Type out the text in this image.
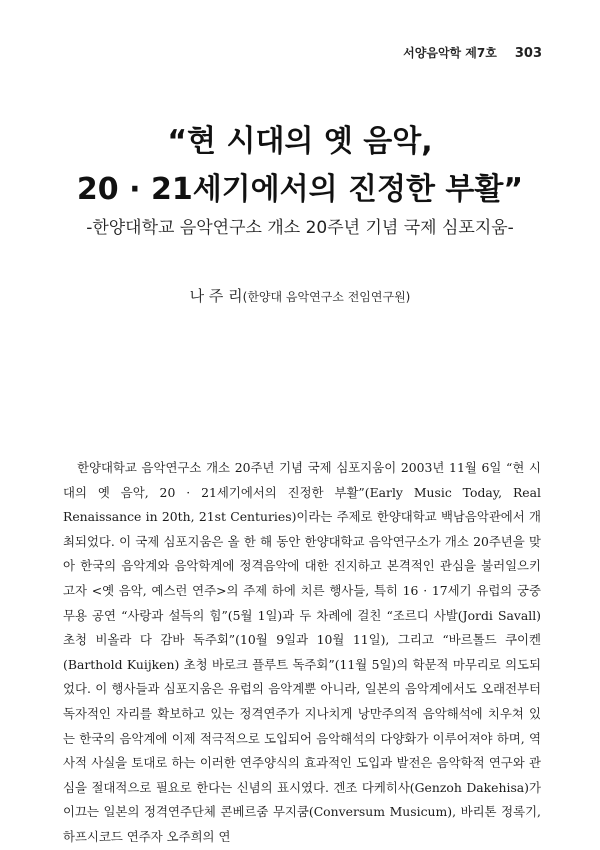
서양음악학 제7호 303
“현 시대의 옛 음악,
20 · 21세기에서의 진정한 부활”
-한양대학교 음악연구소 개소 20주년 기념 국제 심포지움-
나 주 리(한양대 음악연구소 전임연구원)

한양대학교 음악연구소 개소 20주년 기념 국제 심포지움이 2003년 11월 6일 “현 시대의 옛 음악, 20 · 21세기에서의 진정한 부활”(Early Music Today, Real Renaissance in 20th, 21st Centuries)이라는 주제로 한양대학교 백남음악관에서 개최되었다. 이 국제 심포지움은 올 한 해 동안 한양대학교 음악연구소가 개소 20주년을 맞아 한국의 음악계와 음악학계에 정격음악에 대한 진지하고 본격적인 관심을 불러일으키고자 <옛 음악, 예스런 연주>의 주제 하에 치른 행사들, 특히 16 · 17세기 유럽의 궁중무용 공연 “사랑과 설득의 힘”(5월 1일)과 두 차례에 걸친 “조르디 사발(Jordi Savall) 초청 비올라 다 감바 독주회”(10월 9일과 10월 11일), 그리고 “바르톨드 쿠이켄(Barthold Kuijken) 초청 바로크 플루트 독주회”(11월 5일)의 학문적 마무리로 의도되었다. 이 행사들과 심포지움은 유럽의 음악계뿐 아니라, 일본의 음악계에서도 오래전부터 독자적인 자리를 확보하고 있는 정격연주가 지나치게 낭만주의적 음악해석에 치우쳐 있는 한국의 음악계에 이제 적극적으로 도입되어 음악해석의 다양화가 이루어져야 하며, 역사적 사실을 토대로 하는 이러한 연주양식의 효과적인 도입과 발전은 음악학적 연구와 관심을 절대적으로 필요로 한다는 신념의 표시였다. 겐조 다케히사(Genzoh Dakehisa)가 이끄는 일본의 정격연주단체 콘베르줌 무지쿰(Conversum Musicum), 바리톤 정록기, 하프시코드 연주자 오주희의 연
